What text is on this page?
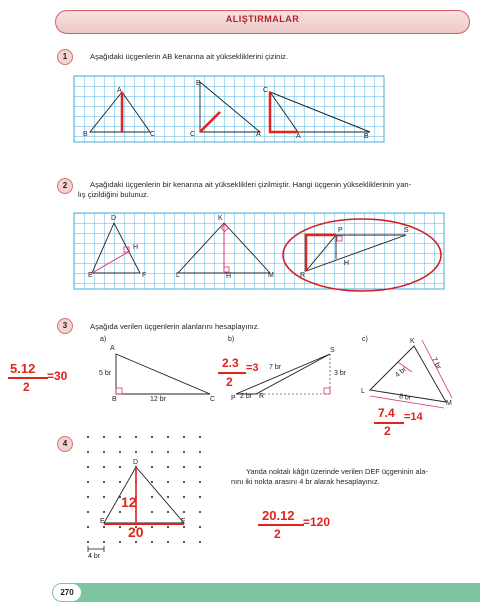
ALIŞTIRMALAR
1	Aşağıdaki üçgenlerin AB kenarına ait yüksekliklerini çiziniz.
A
B	C
B
C	A
C
A	B
2	Aşağıdaki üçgenlerin bir kenarına ait yükseklikleri çizilmiştir. Hangi üçgenin yüksekliklerinin yan-
lış çizildiğini bulunuz.
D
H
E	F
K
L	H	M
P	S
H
R
3	Aşağıda verilen üçgenlerin alanlarını hesaplayınız.
a)	b)	c)
A
B	C
5 br
12 br
S
P	R
7 br
3 br
2 br
K
L
M
4 br
7 br
8 br
5.12
2
=30
2.3
2
=3
7.4
2
=14
4
D
E	F
4 br
12
20
Yanda noktalı kâğıt üzerinde verilen DEF üçgeninin ala-
nını iki nokta arasını 4 br alarak hesaplayınız.
20.12
2
=120
270
